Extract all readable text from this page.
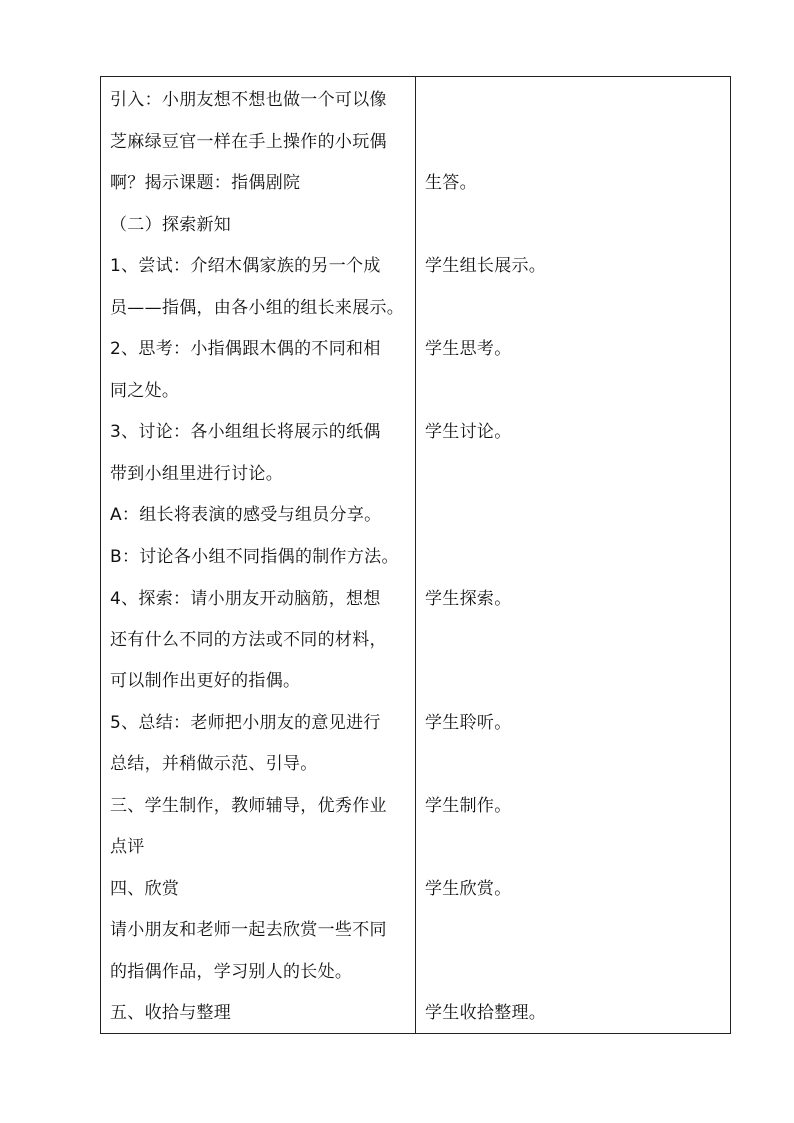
引入：小朋友想不想也做一个可以像
芝麻绿豆官一样在手上操作的小玩偶
啊？揭示课题：指偶剧院
（二）探索新知
1、尝试：介绍木偶家族的另一个成
员——指偶，由各小组的组长来展示。
2、思考：小指偶跟木偶的不同和相
同之处。
3、讨论：各小组组长将展示的纸偶
带到小组里进行讨论。
A：组长将表演的感受与组员分享。
B：讨论各小组不同指偶的制作方法。
4、探索：请小朋友开动脑筋，想想
还有什么不同的方法或不同的材料，
可以制作出更好的指偶。
5、总结：老师把小朋友的意见进行
总结，并稍做示范、引导。
三、学生制作，教师辅导，优秀作业
点评
四、欣赏
请小朋友和老师一起去欣赏一些不同
的指偶作品，学习别人的长处。
五、收拾与整理
生答。
学生组长展示。
学生思考。
学生讨论。
学生探索。
学生聆听。
学生制作。
学生欣赏。
学生收拾整理。
